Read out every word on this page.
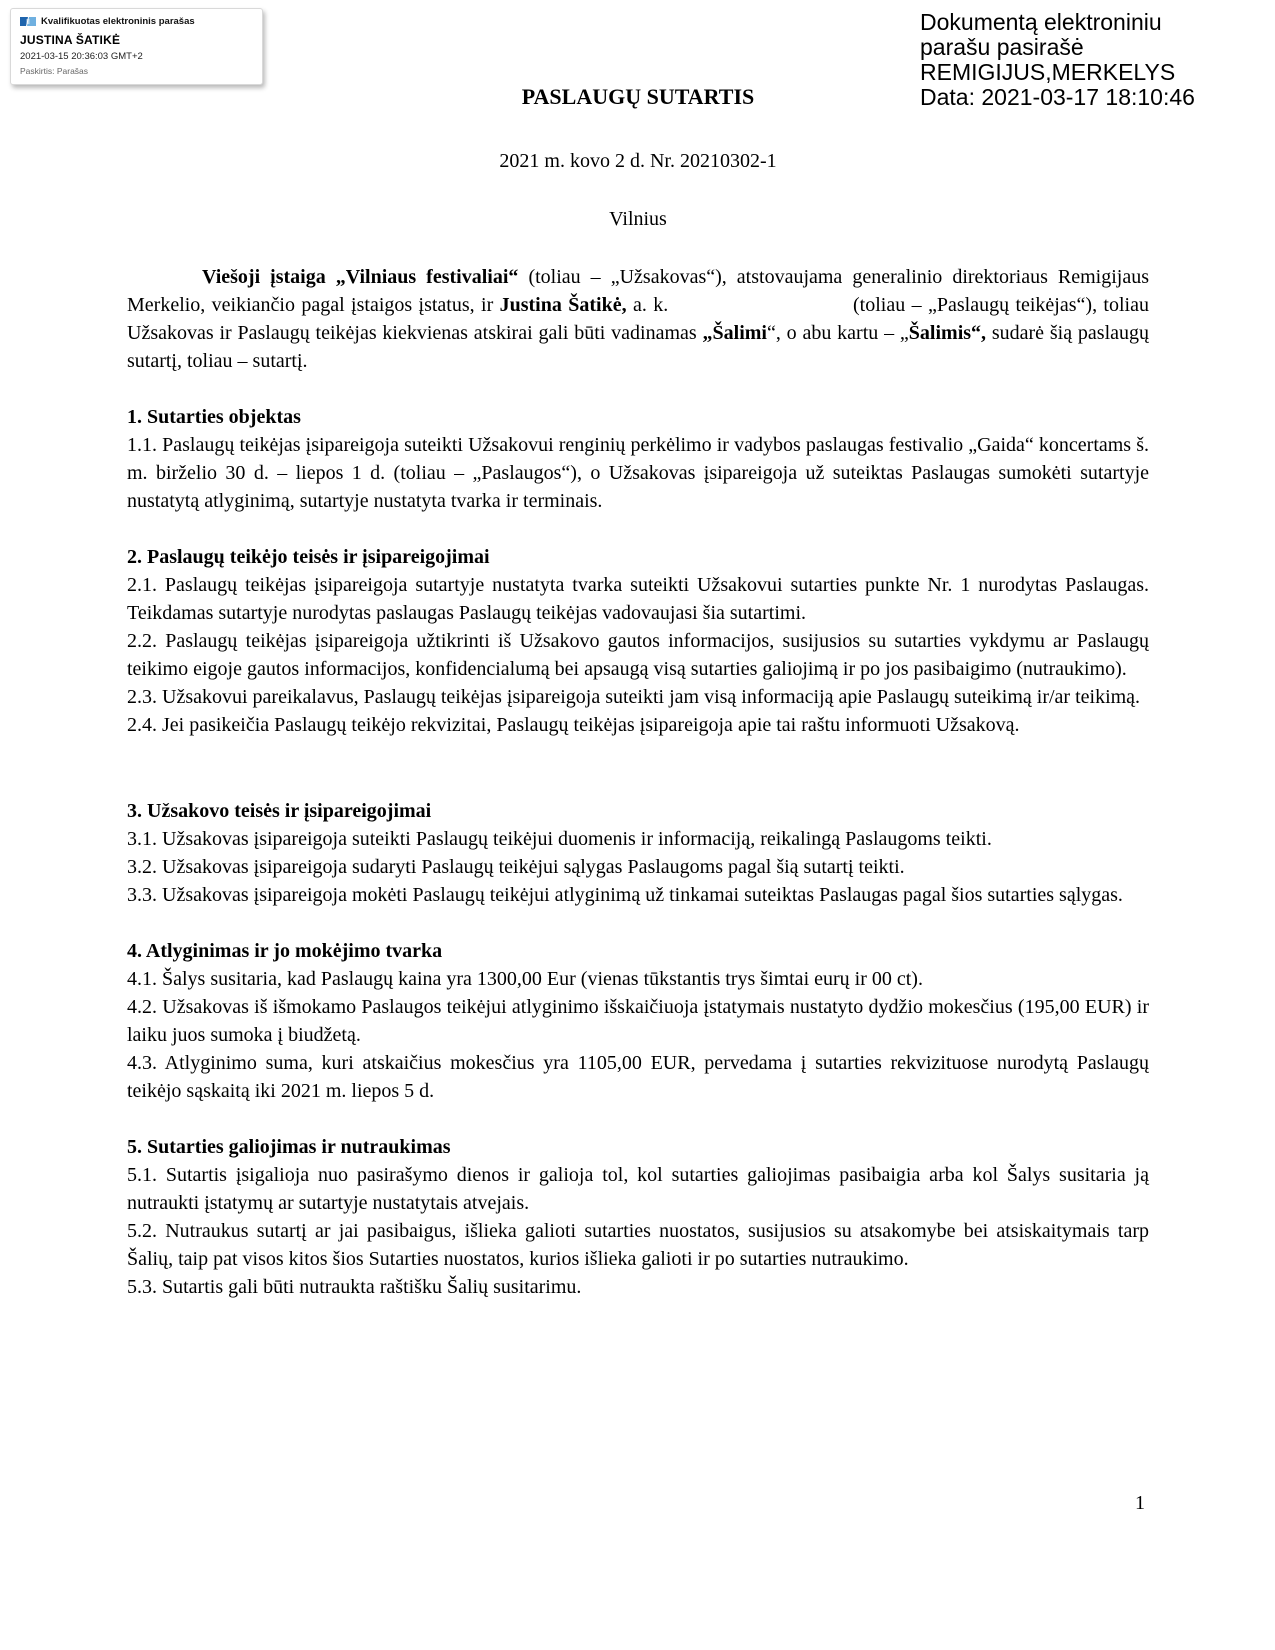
Kvalifikuotas elektroninis parašas
JUSTINA ŠATIKĖ
2021-03-15 20:36:03 GMT+2
Paskirtis: Parašas
Dokumentą elektroniniu
parašu pasirašė
REMIGIJUS,MERKELYS
Data: 2021-03-17 18:10:46
PASLAUGŲ SUTARTIS
2021 m. kovo 2 d. Nr. 20210302-1
Vilnius

Viešoji įstaiga „Vilniaus festivaliai“ (toliau – „Užsakovas“), atstovaujama generalinio direktoriaus Remigijaus Merkelio, veikiančio pagal įstaigos įstatus, ir Justina Šatikė, a. k.                             (toliau – „Paslaugų teikėjas“), toliau Užsakovas ir Paslaugų teikėjas kiekvienas atskirai gali būti vadinamas „Šalimi“, o abu kartu – „Šalimis“, sudarė šią paslaugų sutartį, toliau – sutartį.

1. Sutarties objektas

1.1. Paslaugų teikėjas įsipareigoja suteikti Užsakovui renginių perkėlimo ir vadybos paslaugas festivalio „Gaida“ koncertams š. m. birželio 30 d. – liepos 1 d. (toliau – „Paslaugos“), o Užsakovas įsipareigoja už suteiktas Paslaugas sumokėti sutartyje nustatytą atlyginimą, sutartyje nustatyta tvarka ir terminais.

2. Paslaugų teikėjo teisės ir įsipareigojimai

2.1. Paslaugų teikėjas įsipareigoja sutartyje nustatyta tvarka suteikti Užsakovui sutarties punkte Nr. 1 nurodytas Paslaugas. Teikdamas sutartyje nurodytas paslaugas Paslaugų teikėjas vadovaujasi šia sutartimi.

2.2. Paslaugų teikėjas įsipareigoja užtikrinti iš Užsakovo gautos informacijos, susijusios su sutarties vykdymu ar Paslaugų teikimo eigoje gautos informacijos, konfidencialumą bei apsaugą visą sutarties galiojimą ir po jos pasibaigimo (nutraukimo).

2.3. Užsakovui pareikalavus, Paslaugų teikėjas įsipareigoja suteikti jam visą informaciją apie Paslaugų suteikimą ir/ar teikimą.

2.4. Jei pasikeičia Paslaugų teikėjo rekvizitai, Paslaugų teikėjas įsipareigoja apie tai raštu informuoti Užsakovą.

3. Užsakovo teisės ir įsipareigojimai

3.1. Užsakovas įsipareigoja suteikti Paslaugų teikėjui duomenis ir informaciją, reikalingą Paslaugoms teikti.

3.2. Užsakovas įsipareigoja sudaryti Paslaugų teikėjui sąlygas Paslaugoms pagal šią sutartį teikti.

3.3. Užsakovas įsipareigoja mokėti Paslaugų teikėjui atlyginimą už tinkamai suteiktas Paslaugas pagal šios sutarties sąlygas.

4. Atlyginimas ir jo mokėjimo tvarka

4.1. Šalys susitaria, kad Paslaugų kaina yra 1300,00 Eur (vienas tūkstantis trys šimtai eurų ir 00 ct).

4.2. Užsakovas iš išmokamo Paslaugos teikėjui atlyginimo išskaičiuoja įstatymais nustatyto dydžio mokesčius (195,00 EUR) ir laiku juos sumoka į biudžetą.

4.3. Atlyginimo suma, kuri atskaičius mokesčius yra 1105,00 EUR, pervedama į sutarties rekvizituose nurodytą Paslaugų teikėjo sąskaitą iki 2021 m. liepos 5 d.

5. Sutarties galiojimas ir nutraukimas

5.1. Sutartis įsigalioja nuo pasirašymo dienos ir galioja tol, kol sutarties galiojimas pasibaigia arba kol Šalys susitaria ją nutraukti įstatymų ar sutartyje nustatytais atvejais.

5.2. Nutraukus sutartį ar jai pasibaigus, išlieka galioti sutarties nuostatos, susijusios su atsakomybe bei atsiskaitymais tarp Šalių, taip pat visos kitos šios Sutarties nuostatos, kurios išlieka galioti ir po sutarties nutraukimo.

5.3. Sutartis gali būti nutraukta raštišku Šalių susitarimu.

1
